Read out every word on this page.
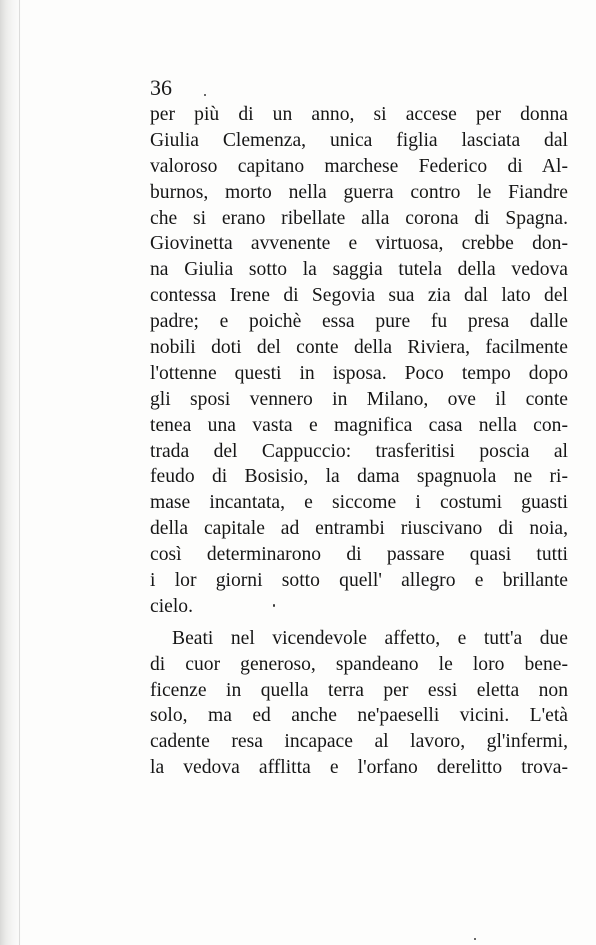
36
per più di un anno, si accese per donna
Giulia Clemenza, unica figlia lasciata dal
valoroso capitano marchese Federico di Al-
burnos, morto nella guerra contro le Fiandre
che si erano ribellate alla corona di Spagna.
Giovinetta avvenente e virtuosa, crebbe don-
na Giulia sotto la saggia tutela della vedova
contessa Irene di Segovia sua zia dal lato del
padre; e poichè essa pure fu presa dalle
nobili doti del conte della Riviera, facilmente
l'ottenne questi in isposa. Poco tempo dopo
gli sposi vennero in Milano, ove il conte
tenea una vasta e magnifica casa nella con-
trada del Cappuccio: trasferitisi poscia al
feudo di Bosisio, la dama spagnuola ne ri-
mase incantata, e siccome i costumi guasti
della capitale ad entrambi riuscivano di noia,
così determinarono di passare quasi tutti
i lor giorni sotto quell' allegro e brillante
cielo.
Beati nel vicendevole affetto, e tutt'a due
di cuor generoso, spandeano le loro bene-
ficenze in quella terra per essi eletta non
solo, ma ed anche ne'paeselli vicini. L'età
cadente resa incapace al lavoro, gl'infermi,
la vedova afflitta e l'orfano derelitto trova-
